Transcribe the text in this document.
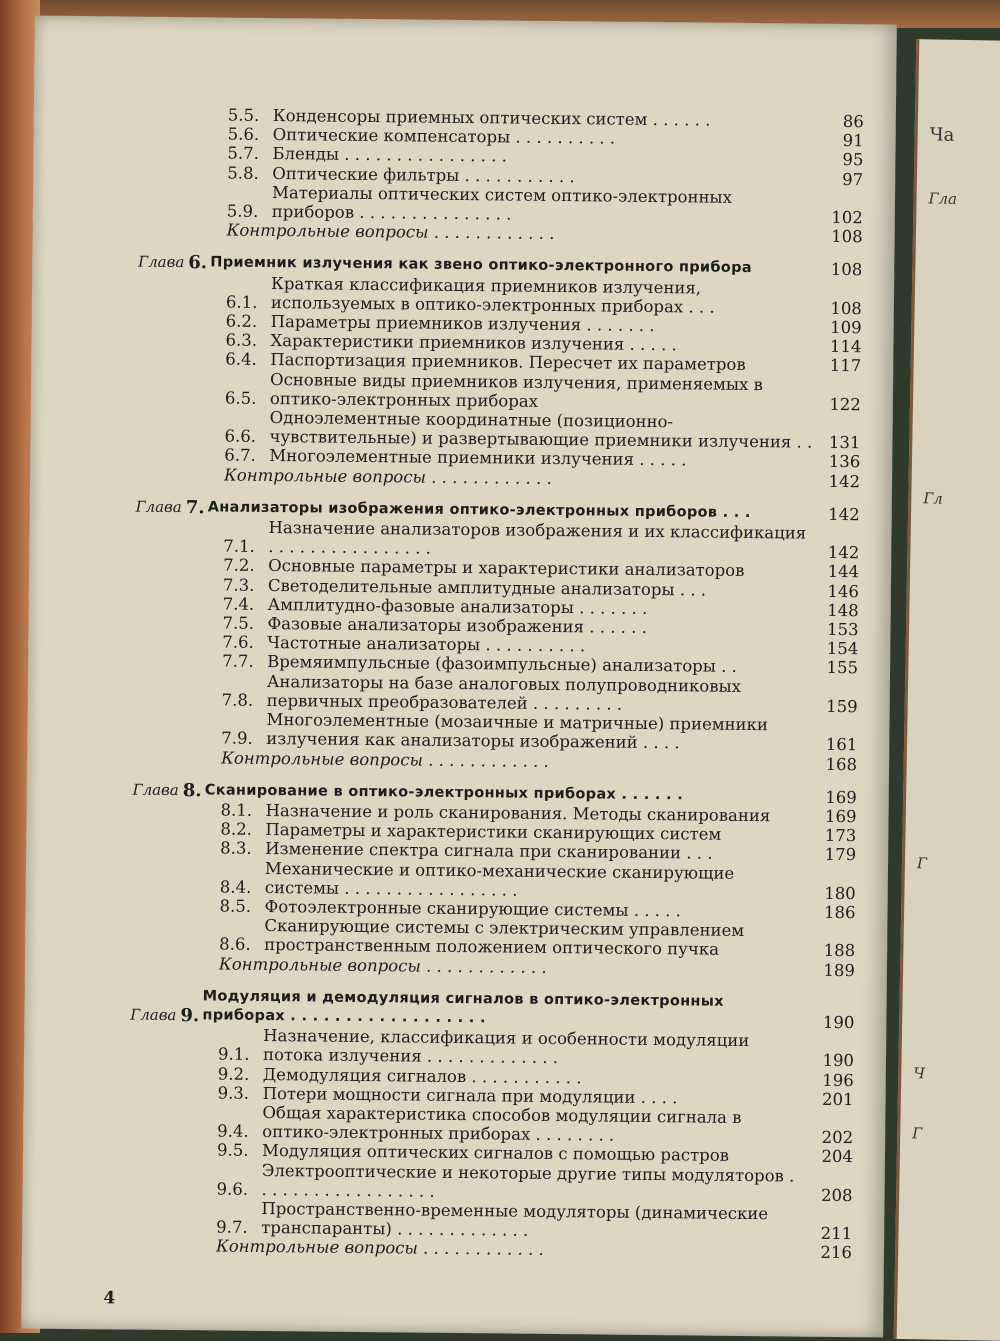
Ча
Гла
Гл
Г
Ч
Г
5.5. Конденсоры приемных оптических систем . . . . . .	86
5.6. Оптические компенсаторы . . . . . . . . . .	91
5.7. Бленды . . . . . . . . . . . . . . . .	95
5.8. Оптические фильтры . . . . . . . . . . .	97
5.9.
Материалы оптических систем оптико-электронных приборов . . . . . . . . . . . . . . .	102
Контрольные вопросы . . . . . . . . . . . .	108
Глава 6. Приемник излучения как звено оптико-электронного прибора	108
6.1.
Краткая классификация приемников излучения, используемых в оптико-электронных приборах . . .	108
6.2. Параметры приемников излучения . . . . . . .	109
6.3. Характеристики приемников излучения . . . . .	114
6.4. Паспортизация приемников. Пересчет их параметров	117
6.5.
Основные виды приемников излучения, применяемых в оптико-электронных приборах	122
6.6.
Одноэлементные координатные (позиционно-чувствительные) и развертывающие приемники излучения . . 131
6.7. Многоэлементные приемники излучения . . . . .	136
Контрольные вопросы . . . . . . . . . . . .	142
Глава 7. Анализаторы изображения оптико-электронных приборов . . .	142
7.1.
Назначение анализаторов изображения и их классификация . . . . . . . . . . . . . . . .	142
7.2. Основные параметры и характеристики анализаторов	144
7.3. Светоделительные амплитудные анализаторы . . .	146
7.4. Амплитудно-фазовые анализаторы . . . . . . .	148
7.5. Фазовые анализаторы изображения . . . . . .	153
7.6. Частотные анализаторы . . . . . . . . . .	154
7.7. Времяимпульсные (фазоимпульсные) анализаторы . .	155
7.8.
Анализаторы на базе аналоговых полупроводниковых первичных преобразователей . . . . . . . . .	159
7.9.
Многоэлементные (мозаичные и матричные) приемники излучения как анализаторы изображений . . . .	161
Контрольные вопросы . . . . . . . . . . . .	168
Глава 8. Сканирование в оптико-электронных приборах . . . . . .	169
8.1. Назначение и роль сканирования. Методы сканирования	169
8.2. Параметры и характеристики сканирующих систем	173
8.3. Изменение спектра сигнала при сканировании . . .	179
8.4.
Механические и оптико-механические сканирующие системы . . . . . . . . . . . . . . . . .	180
8.5. Фотоэлектронные сканирующие системы . . . . .	186
8.6.
Сканирующие системы с электрическим управлением пространственным положением оптического пучка	188
Контрольные вопросы . . . . . . . . . . . .	189
Глава 9.
Модуляция и демодуляция сигналов в оптико-электронных приборах . . . . . . . . . . . . . . . . . .	190
9.1.
Назначение, классификация и особенности модуляции потока излучения . . . . . . . . . . . . .	190
9.2. Демодуляция сигналов . . . . . . . . . . .	196
9.3. Потери мощности сигнала при модуляции . . . .	201
9.4.
Общая характеристика способов модуляции сигнала в оптико-электронных приборах . . . . . . . .	202
9.5. Модуляция оптических сигналов с помощью растров	204
9.6.
Электрооптические и некоторые другие типы модуляторов . . . . . . . . . . . . . . . . . .	208
9.7.
Пространственно-временные модуляторы (динамические транспаранты) . . . . . . . . . . . . .	211
Контрольные вопросы . . . . . . . . . . . .	216
4
